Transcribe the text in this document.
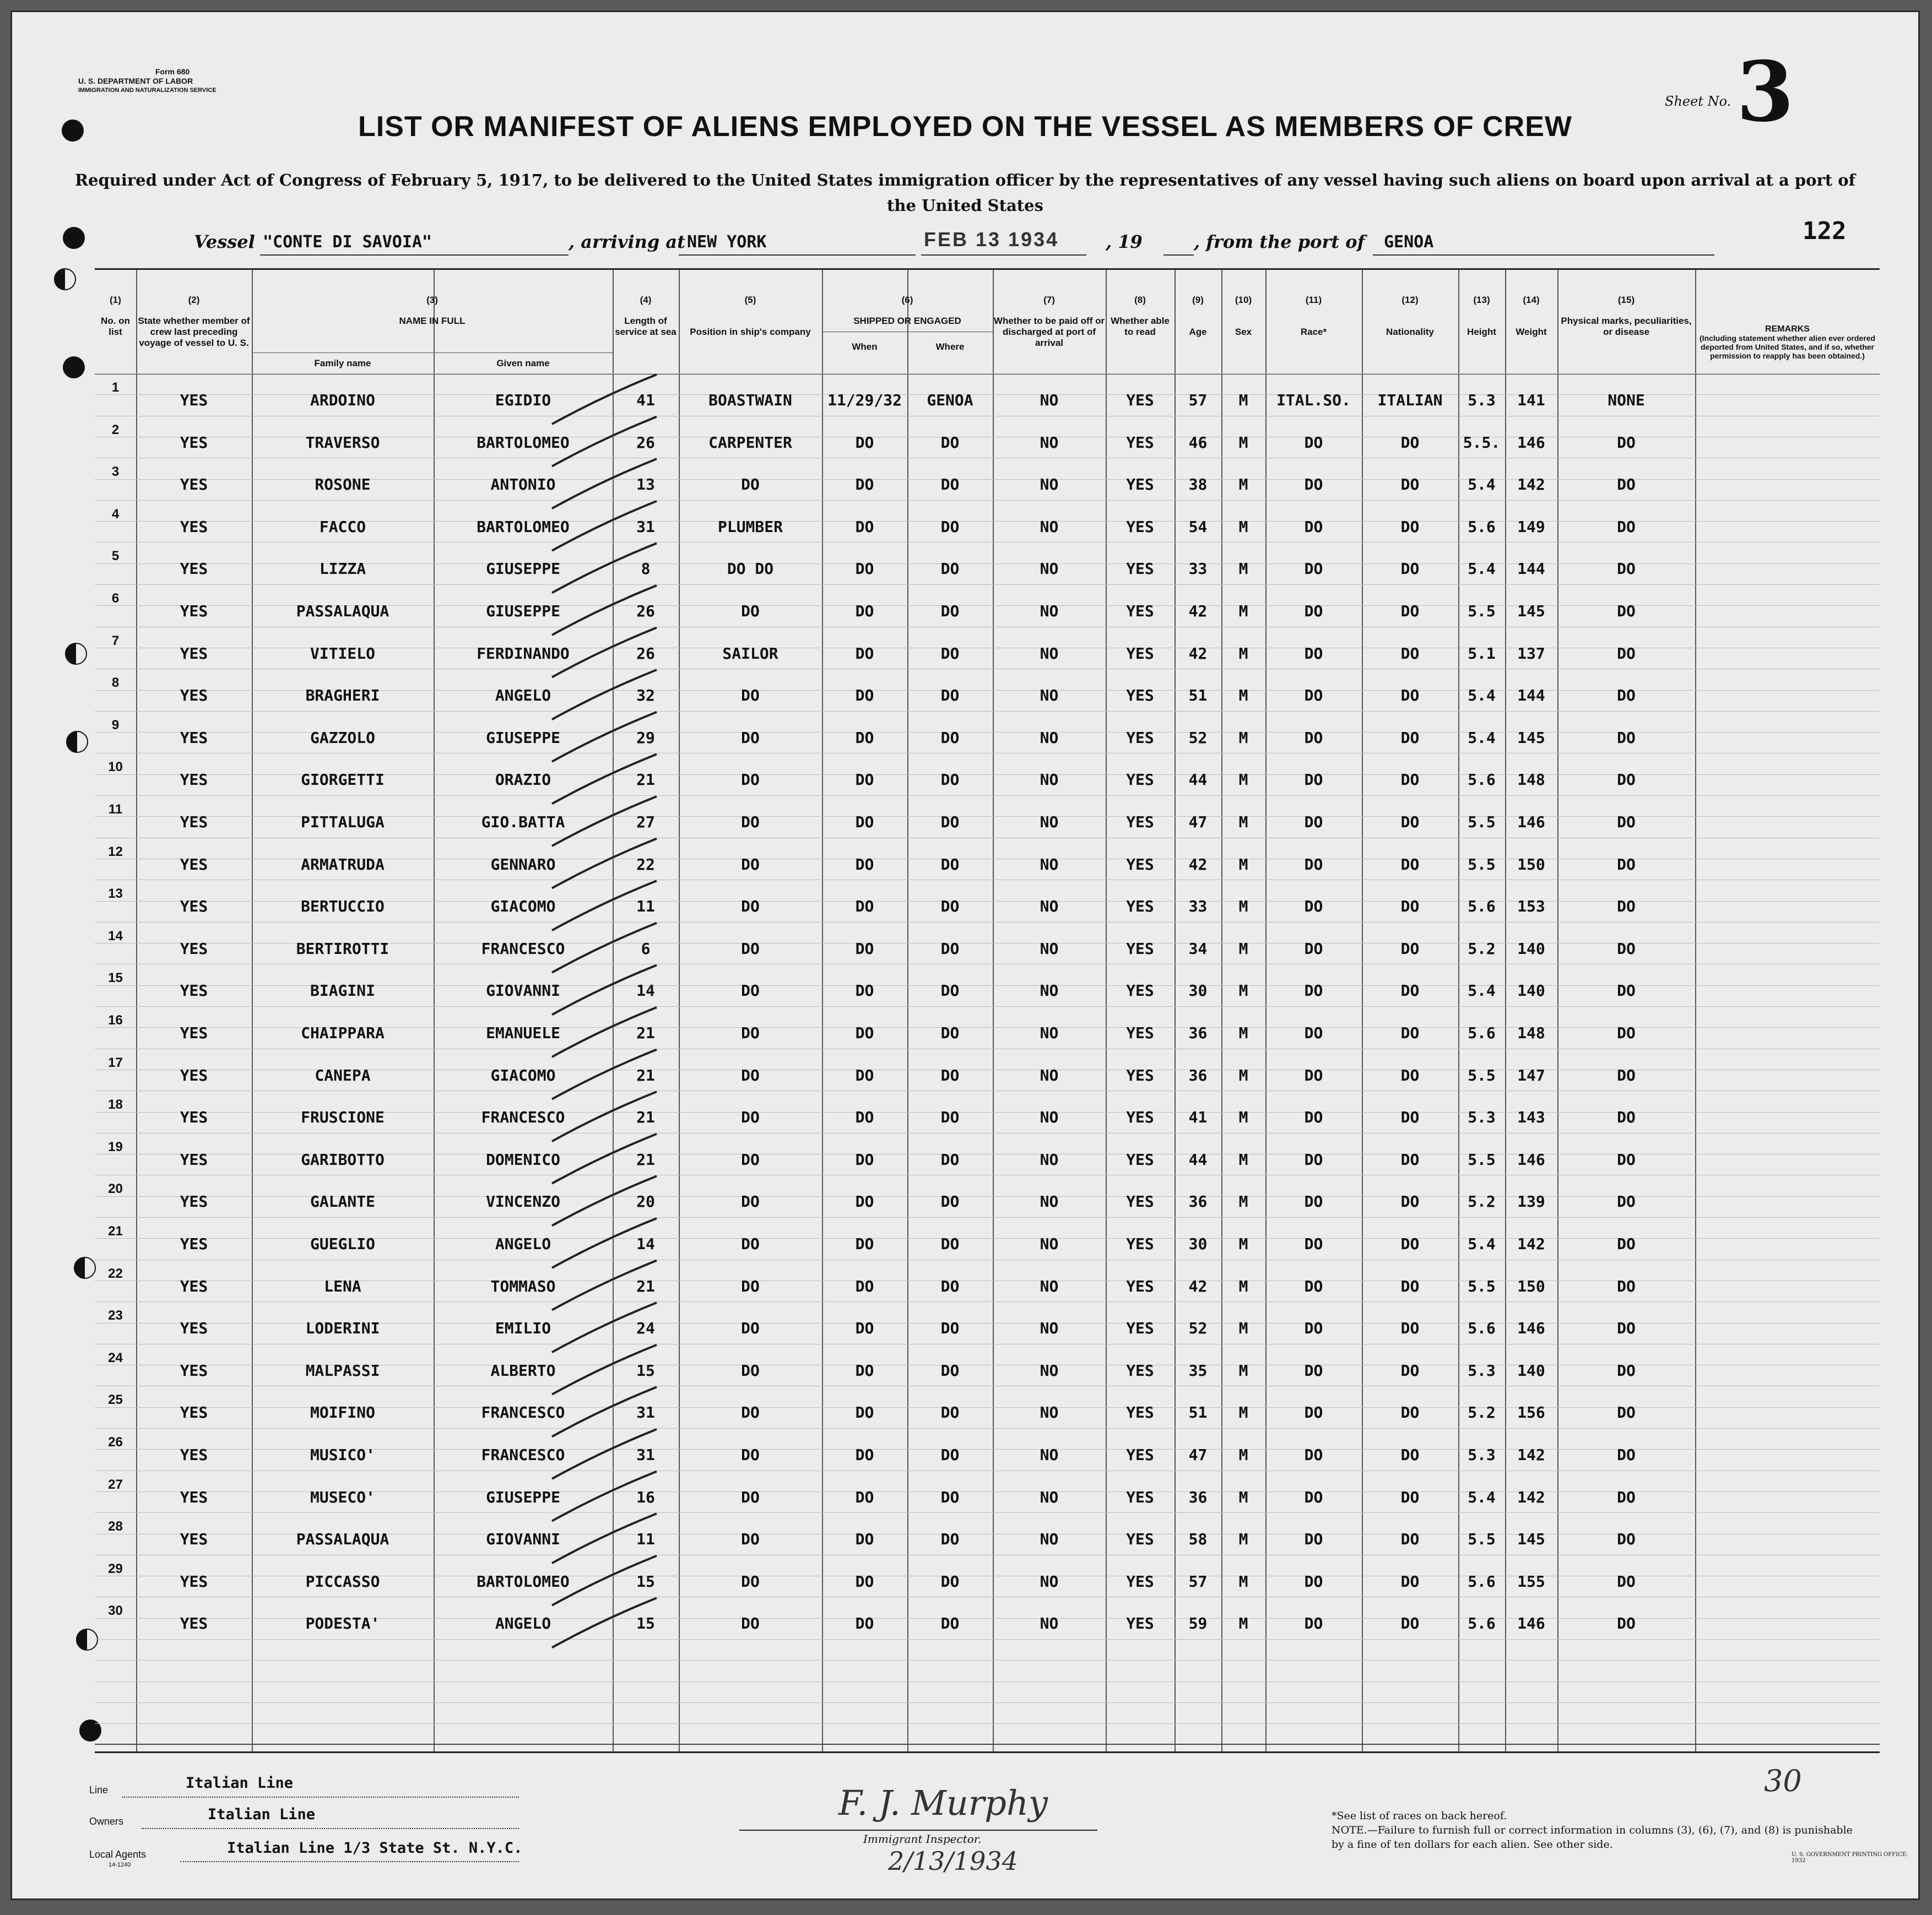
Form 680
U. S. DEPARTMENT OF LABOR
IMMIGRATION AND NATURALIZATION SERVICE
Sheet No. 3
LIST OR MANIFEST OF ALIENS EMPLOYED ON THE VESSEL AS MEMBERS OF CREW
Required under Act of Congress of February 5, 1917, to be delivered to the United States immigration officer by the representatives of any vessel having such aliens on board upon arrival at a port of the United States
Vessel "CONTE DI SAVOIA"	, arriving at NEW YORK	FEB 13 1934	, 19	, from the port of GENOA	122
(1)
No. on list
(2)
State whether member of crew last preceding voyage of vessel to U. S.
(3)
NAME IN FULL
Family name	Given name
(4)
Length of service at sea
(5)
Position in ship's company
(6)
SHIPPED OR ENGAGED
When	Where
(7)
Whether to be paid off or discharged at port of arrival
(8)
Whether able to read
(9)
Age
(10)
Sex
(11)
Race*
(12)
Nationality
(13)
Height
(14)
Weight
(15)
Physical marks, peculiarities, or disease	REMARKS
(Including statement whether alien ever ordered deported from United States, and if so, whether permission to reapply has been obtained.)
1
YES	ARDOINO	EGIDIO	41	BOASTWAIN	11/29/32	GENOA	NO	YES	57	M	ITAL.SO.	ITALIAN	5.3	141	NONE
2
YES	TRAVERSO	BARTOLOMEO	26	CARPENTER	DO	DO	NO	YES	46	M	DO	DO	5.5.	146	DO
3
YES	ROSONE	ANTONIO	13	DO	DO	DO	NO	YES	38	M	DO	DO	5.4	142	DO
4
YES	FACCO	BARTOLOMEO	31	PLUMBER	DO	DO	NO	YES	54	M	DO	DO	5.6	149	DO
5
YES	LIZZA	GIUSEPPE	8	DO DO	DO	DO	NO	YES	33	M	DO	DO	5.4	144	DO
6
YES	PASSALAQUA	GIUSEPPE	26	DO	DO	DO	NO	YES	42	M	DO	DO	5.5	145	DO
7
YES	VITIELO	FERDINANDO	26	SAILOR	DO	DO	NO	YES	42	M	DO	DO	5.1	137	DO
8
YES	BRAGHERI	ANGELO	32	DO	DO	DO	NO	YES	51	M	DO	DO	5.4	144	DO
9
YES	GAZZOLO	GIUSEPPE	29	DO	DO	DO	NO	YES	52	M	DO	DO	5.4	145	DO
10
YES	GIORGETTI	ORAZIO	21	DO	DO	DO	NO	YES	44	M	DO	DO	5.6	148	DO
11
YES	PITTALUGA	GIO.BATTA	27	DO	DO	DO	NO	YES	47	M	DO	DO	5.5	146	DO
12
YES	ARMATRUDA	GENNARO	22	DO	DO	DO	NO	YES	42	M	DO	DO	5.5	150	DO
13
YES	BERTUCCIO	GIACOMO	11	DO	DO	DO	NO	YES	33	M	DO	DO	5.6	153	DO
14
YES	BERTIROTTI	FRANCESCO	6	DO	DO	DO	NO	YES	34	M	DO	DO	5.2	140	DO
15
YES	BIAGINI	GIOVANNI	14	DO	DO	DO	NO	YES	30	M	DO	DO	5.4	140	DO
16
YES	CHAIPPARA	EMANUELE	21	DO	DO	DO	NO	YES	36	M	DO	DO	5.6	148	DO
17
YES	CANEPA	GIACOMO	21	DO	DO	DO	NO	YES	36	M	DO	DO	5.5	147	DO
18
YES	FRUSCIONE	FRANCESCO	21	DO	DO	DO	NO	YES	41	M	DO	DO	5.3	143	DO
19
YES	GARIBOTTO	DOMENICO	21	DO	DO	DO	NO	YES	44	M	DO	DO	5.5	146	DO
20
YES	GALANTE	VINCENZO	20	DO	DO	DO	NO	YES	36	M	DO	DO	5.2	139	DO
21
YES	GUEGLIO	ANGELO	14	DO	DO	DO	NO	YES	30	M	DO	DO	5.4	142	DO
22
YES	LENA	TOMMASO	21	DO	DO	DO	NO	YES	42	M	DO	DO	5.5	150	DO
23
YES	LODERINI	EMILIO	24	DO	DO	DO	NO	YES	52	M	DO	DO	5.6	146	DO
24
YES	MALPASSI	ALBERTO	15	DO	DO	DO	NO	YES	35	M	DO	DO	5.3	140	DO
25
YES	MOIFINO	FRANCESCO	31	DO	DO	DO	NO	YES	51	M	DO	DO	5.2	156	DO
26
YES	MUSICO'	FRANCESCO	31	DO	DO	DO	NO	YES	47	M	DO	DO	5.3	142	DO
27
YES	MUSECO'	GIUSEPPE	16	DO	DO	DO	NO	YES	36	M	DO	DO	5.4	142	DO
28
YES	PASSALAQUA	GIOVANNI	11	DO	DO	DO	NO	YES	58	M	DO	DO	5.5	145	DO
29
YES	PICCASSO	BARTOLOMEO	15	DO	DO	DO	NO	YES	57	M	DO	DO	5.6	155	DO
30
YES	PODESTA'	ANGELO	15	DO	DO	DO	NO	YES	59	M	DO	DO	5.6	146	DO
Line	Italian Line
Owners	Italian Line
Local Agents
14-1240
Italian Line 1/3 State St. N.Y.C.
F. J. Murphy
Immigrant Inspector.
2/13/1934
30
*See list of races on back hereof.
NOTE.—Failure to furnish full or correct information in columns (3), (6), (7), and (8) is punishable by a fine of ten dollars for each alien. See other side.
U. S. GOVERNMENT PRINTING OFFICE: 1932
